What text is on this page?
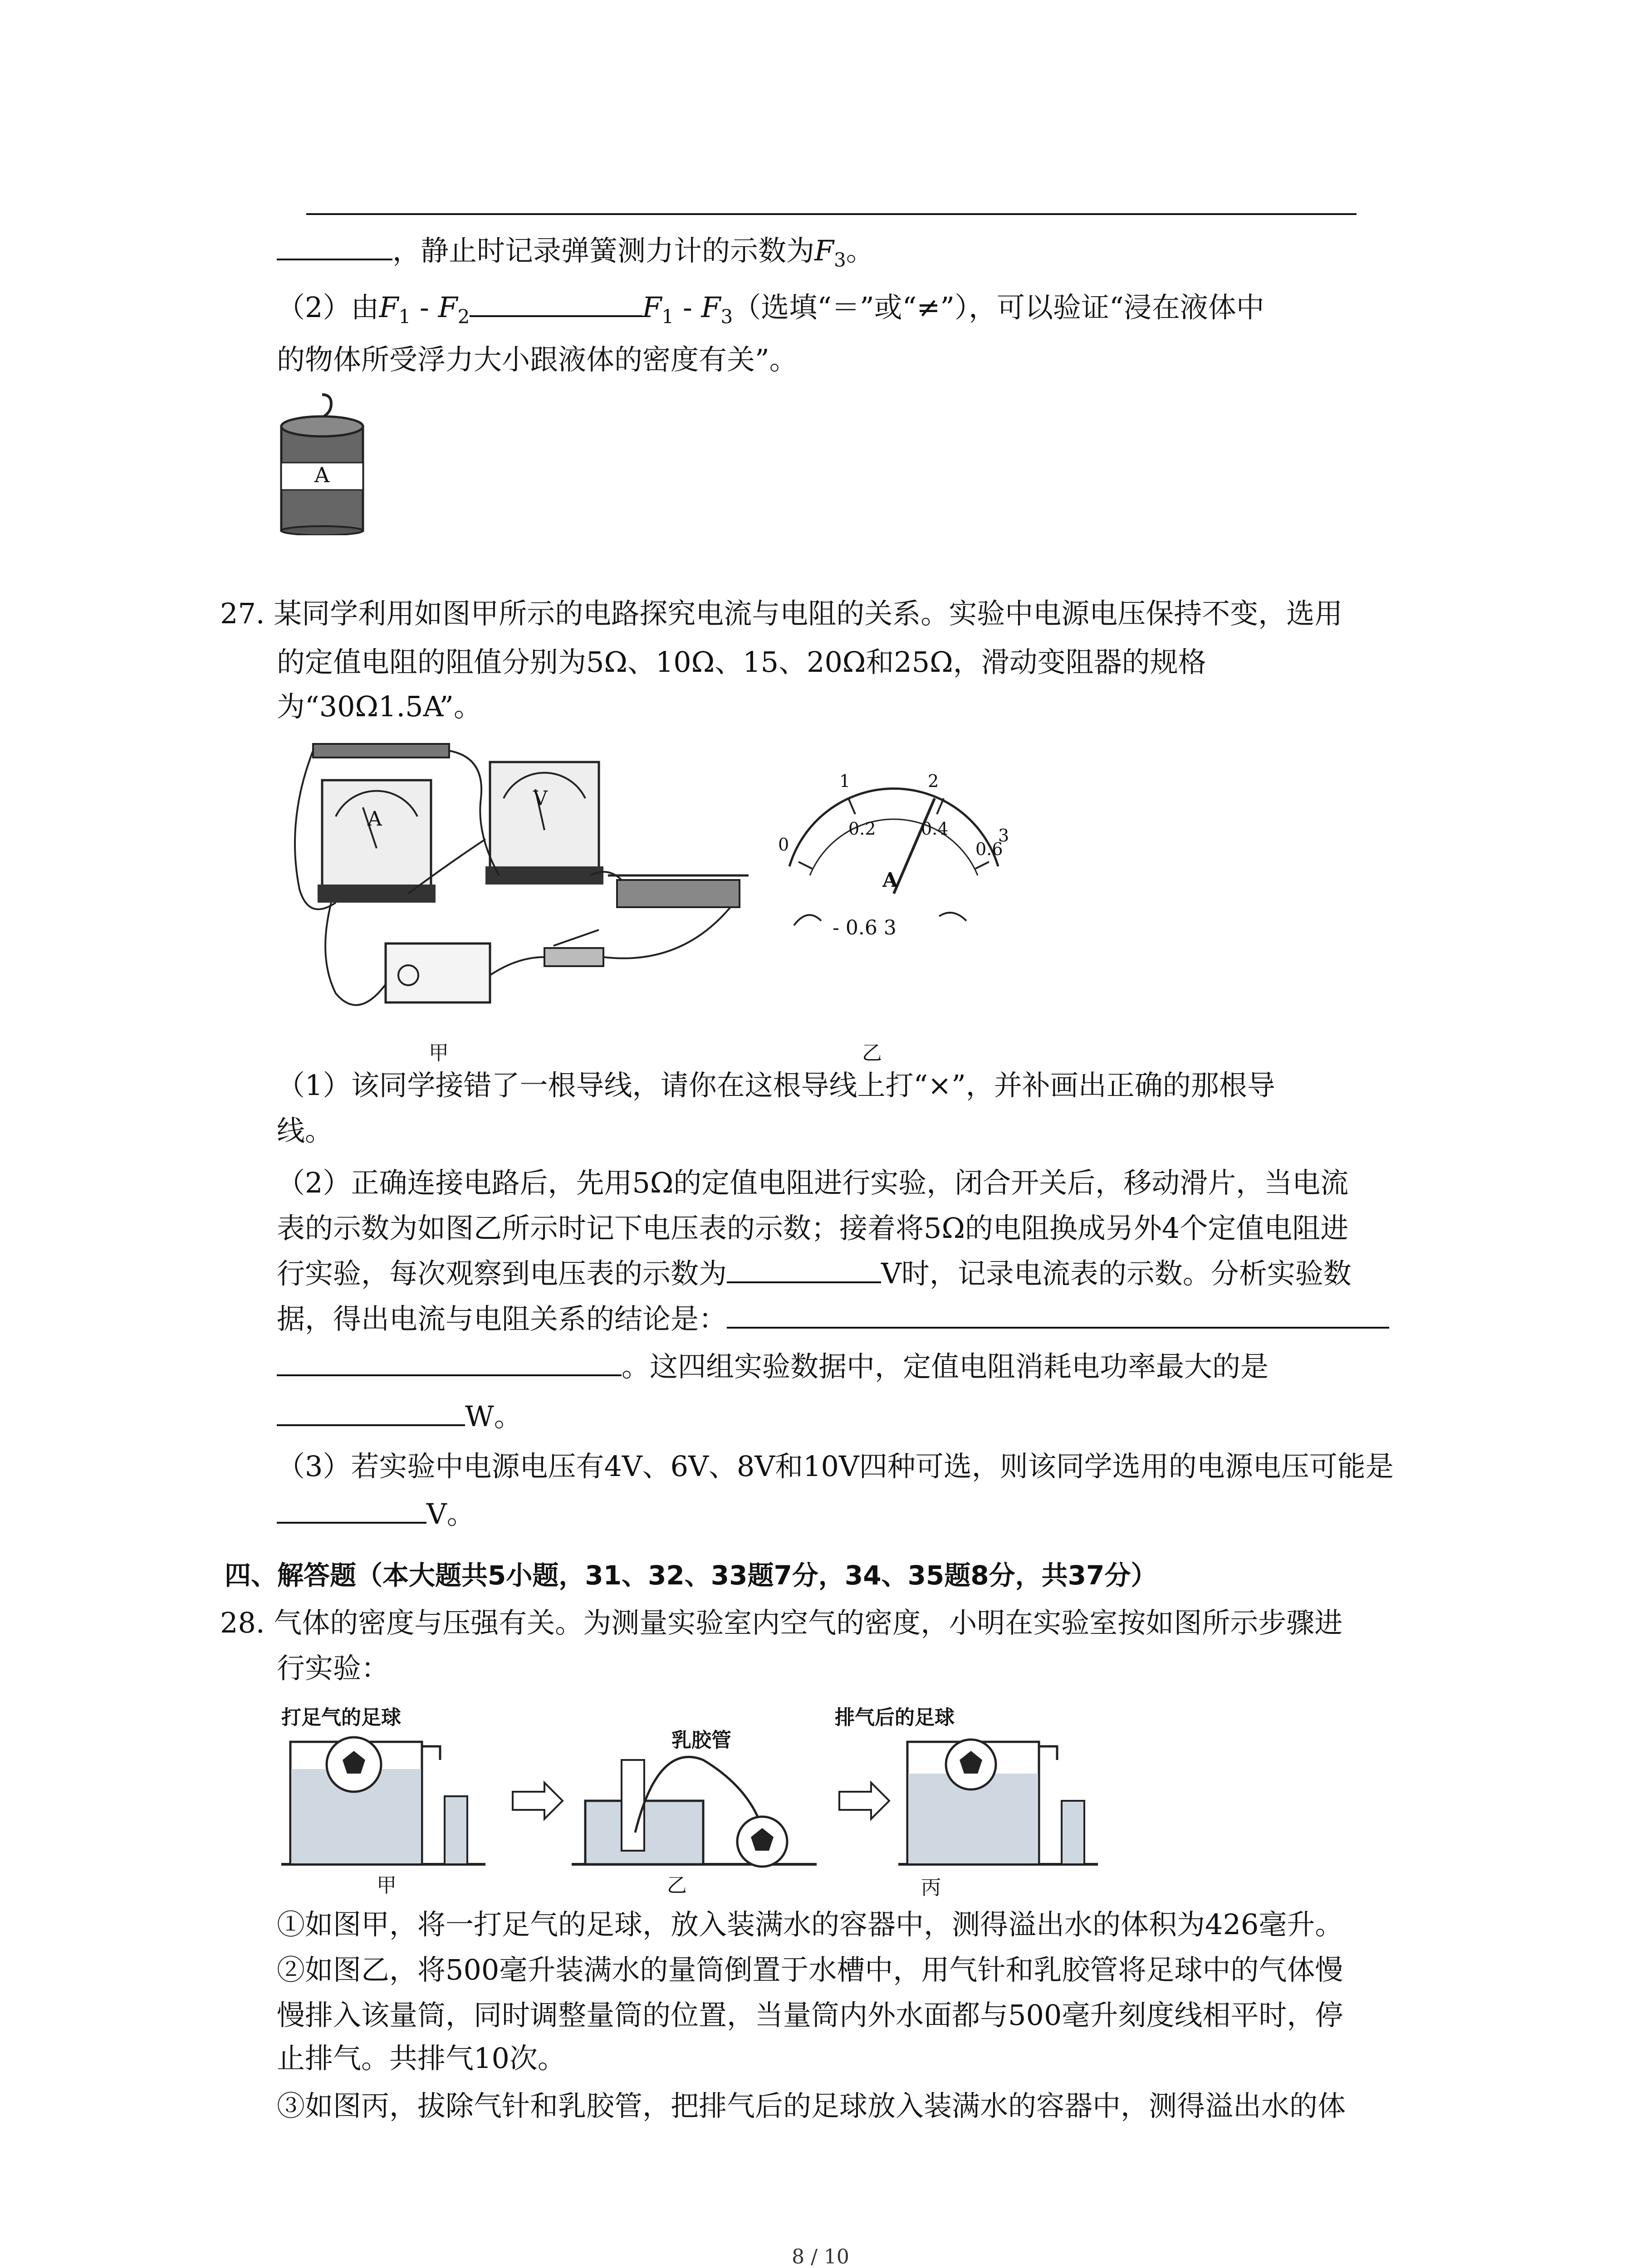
，静止时记录弹簧测力计的示数为$F_3$。
（2）由$F_1 - F_2$	$F_1 - F_3$（选填“＝”或“≠”），可以验证“浸在液体中
的物体所受浮力大小跟液体的密度有关”。
A
27. 某同学利用如图甲所示的电路探究电流与电阻的关系。实验中电源电压保持不变，选用
的定值电阻的阻值分别为5Ω、10Ω、15、20Ω和25Ω，滑动变阻器的规格
为“30Ω1.5A”。
A
V
1	2
0
0.2	0.4
0.6
3
A
- 0.6 3
甲	乙
（1）该同学接错了一根导线，请你在这根导线上打“×”，并补画出正确的那根导
线。
（2）正确连接电路后，先用5Ω的定值电阻进行实验，闭合开关后，移动滑片，当电流
表的示数为如图乙所示时记下电压表的示数；接着将5Ω的电阻换成另外4个定值电阻进
行实验，每次观察到电压表的示数为	V时，记录电流表的示数。分析实验数
据，得出电流与电阻关系的结论是：
。这四组实验数据中，定值电阻消耗电功率最大的是
W。
（3）若实验中电源电压有4V、6V、8V和10V四种可选，则该同学选用的电源电压可能是
V。
四、解答题（本大题共5小题，31、32、33题7分，34、35题8分，共37分）
28. 气体的密度与压强有关。为测量实验室内空气的密度，小明在实验室按如图所示步骤进
行实验：
打足气的足球
乳胶管
排气后的足球
甲	乙	丙
①如图甲，将一打足气的足球，放入装满水的容器中，测得溢出水的体积为426毫升。
②如图乙，将500毫升装满水的量筒倒置于水槽中，用气针和乳胶管将足球中的气体慢
慢排入该量筒，同时调整量筒的位置，当量筒内外水面都与500毫升刻度线相平时，停
止排气。共排气10次。
③如图丙，拔除气针和乳胶管，把排气后的足球放入装满水的容器中，测得溢出水的体
8 / 10
